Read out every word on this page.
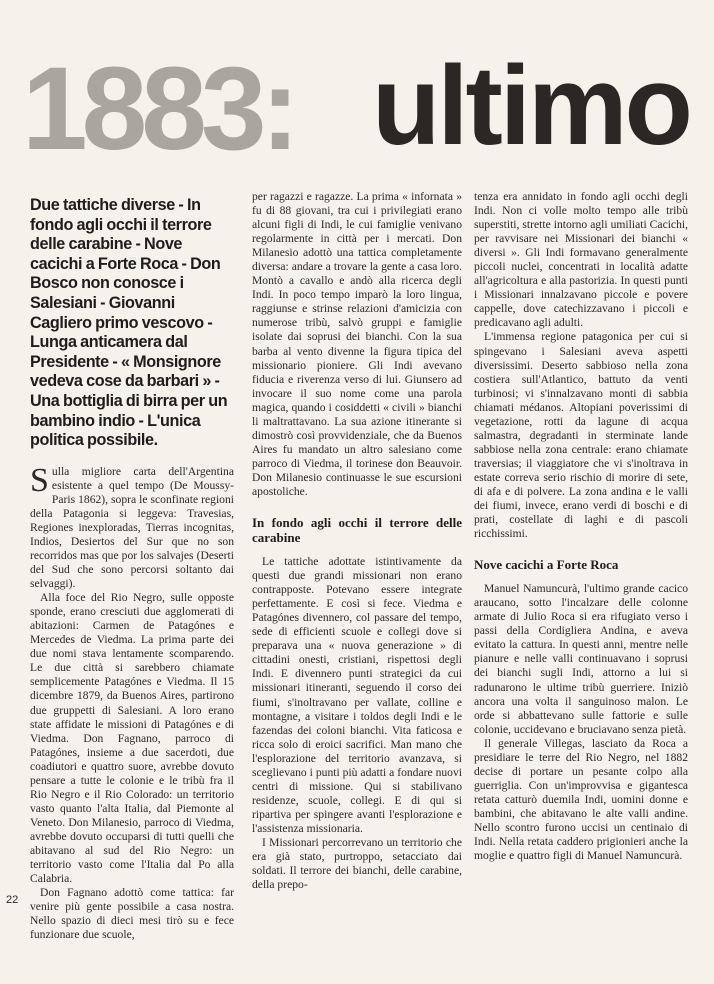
1883: ultimo

Due tattiche diverse - In fondo agli occhi il terrore delle carabine - Nove cacichi a Forte Roca - Don Bosco non conosce i Salesiani - Giovanni Cagliero primo vescovo - Lunga anticamera dal Presidente - « Monsignore vedeva cose da barbari » - Una bottiglia di birra per un bambino indio - L'unica politica possibile.

Sulla migliore carta dell'Argentina esistente a quel tempo (De Moussy-Paris 1862), sopra le sconfinate regioni della Patagonia si leggeva: Travesias, Regiones inexploradas, Tierras incognitas, Indios, Desiertos del Sur que no son recorridos mas que por los salvajes (Deserti del Sud che sono percorsi soltanto dai selvaggi).

Alla foce del Rio Negro, sulle opposte sponde, erano cresciuti due agglomerati di abitazioni: Carmen de Patagónes e Mercedes de Viedma. La prima parte dei due nomi stava lentamente scomparendo. Le due città si sarebbero chiamate semplicemente Patagónes e Viedma. Il 15 dicembre 1879, da Buenos Aires, partirono due gruppetti di Salesiani. A loro erano state affidate le missioni di Patagónes e di Viedma. Don Fagnano, parroco di Patagónes, insieme a due sacerdoti, due coadiutori e quattro suore, avrebbe dovuto pensare a tutte le colonie e le tribù fra il Rio Negro e il Rio Colorado: un territorio vasto quanto l'alta Italia, dal Piemonte al Veneto. Don Milanesio, parroco di Viedma, avrebbe dovuto occuparsi di tutti quelli che abitavano al sud del Rio Negro: un territorio vasto come l'Italia dal Po alla Calabria.

Don Fagnano adottò come tattica: far venire più gente possibile a casa nostra. Nello spazio di dieci mesi tirò su e fece funzionare due scuole,

per ragazzi e ragazze. La prima « infornata » fu di 88 giovani, tra cui i privilegiati erano alcuni figli di Indi, le cui famiglie venivano regolarmente in città per i mercati. Don Milanesio adottò una tattica completamente diversa: andare a trovare la gente a casa loro. Montò a cavallo e andò alla ricerca degli Indi. In poco tempo imparò la loro lingua, raggiunse e strinse relazioni d'amicizia con numerose tribù, salvò gruppi e famiglie isolate dai soprusi dei bianchi. Con la sua barba al vento divenne la figura tipica del missionario pioniere. Gli Indi avevano fiducia e riverenza verso di lui. Giunsero ad invocare il suo nome come una parola magica, quando i cosiddetti « civili » bianchi li maltrattavano. La sua azione itinerante si dimostrò così provvidenziale, che da Buenos Aires fu mandato un altro salesiano come parroco di Viedma, il torinese don Beauvoir. Don Milanesio continuasse le sue escursioni apostoliche.

In fondo agli occhi il terrore delle carabine

Le tattiche adottate istintivamente da questi due grandi missionari non erano contrapposte. Potevano essere integrate perfettamente. E così si fece. Viedma e Patagónes divennero, col passare del tempo, sede di efficienti scuole e collegi dove si preparava una « nuova generazione » di cittadini onesti, cristiani, rispettosi degli Indi. E divennero punti strategici da cui missionari itineranti, seguendo il corso dei fiumi, s'inoltravano per vallate, colline e montagne, a visitare i toldos degli Indi e le fazendas dei coloni bianchi. Vita faticosa e ricca solo di eroici sacrifici. Man mano che l'esplorazione del territorio avanzava, si sceglievano i punti più adatti a fondare nuovi centri di missione. Qui si stabilivano residenze, scuole, collegi. E di qui si ripartiva per spingere avanti l'esplorazione e l'assistenza missionaria.

I Missionari percorrevano un territorio che era già stato, purtroppo, setacciato dai soldati. Il terrore dei bianchi, delle carabine, della prepo-

tenza era annidato in fondo agli occhi degli Indi. Non ci volle molto tempo alle tribù superstiti, strette intorno agli umiliati Cacichi, per ravvisare nei Missionari dei bianchi « diversi ». Gli Indi formavano generalmente piccoli nuclei, concentrati in località adatte all'agricoltura e alla pastorizia. In questi punti i Missionari innalzavano piccole e povere cappelle, dove catechizzavano i piccoli e predicavano agli adulti.

L'immensa regione patagonica per cui si spingevano i Salesiani aveva aspetti diversissimi. Deserto sabbioso nella zona costiera sull'Atlantico, battuto da venti turbinosi; vi s'innalzavano monti di sabbia chiamati médanos. Altopiani poverissimi di vegetazione, rotti da lagune di acqua salmastra, degradanti in sterminate lande sabbiose nella zona centrale: erano chiamate traversias; il viaggiatore che vi s'inoltrava in estate correva serio rischio di morire di sete, di afa e di polvere. La zona andina e le valli dei fiumi, invece, erano verdi di boschi e di prati, costellate di laghi e di pascoli ricchissimi.

Nove cacichi a Forte Roca

Manuel Namuncurà, l'ultimo grande cacico araucano, sotto l'incalzare delle colonne armate di Julio Roca si era rifugiato verso i passi della Cordigliera Andina, e aveva evitato la cattura. In questi anni, mentre nelle pianure e nelle valli continuavano i soprusi dei bianchi sugli Indi, attorno a lui si radunarono le ultime tribù guerriere. Iniziò ancora una volta il sanguinoso malon. Le orde si abbattevano sulle fattorie e sulle colonie, uccidevano e bruciavano senza pietà.

Il generale Villegas, lasciato da Roca a presidiare le terre del Rio Negro, nel 1882 decise di portare un pesante colpo alla guerriglia. Con un'improvvisa e gigantesca retata catturò duemila Indi, uomini donne e bambini, che abitavano le alte valli andine. Nello scontro furono uccisi un centinaio di Indi. Nella retata caddero prigionieri anche la moglie e quattro figli di Manuel Namuncurà.

22
